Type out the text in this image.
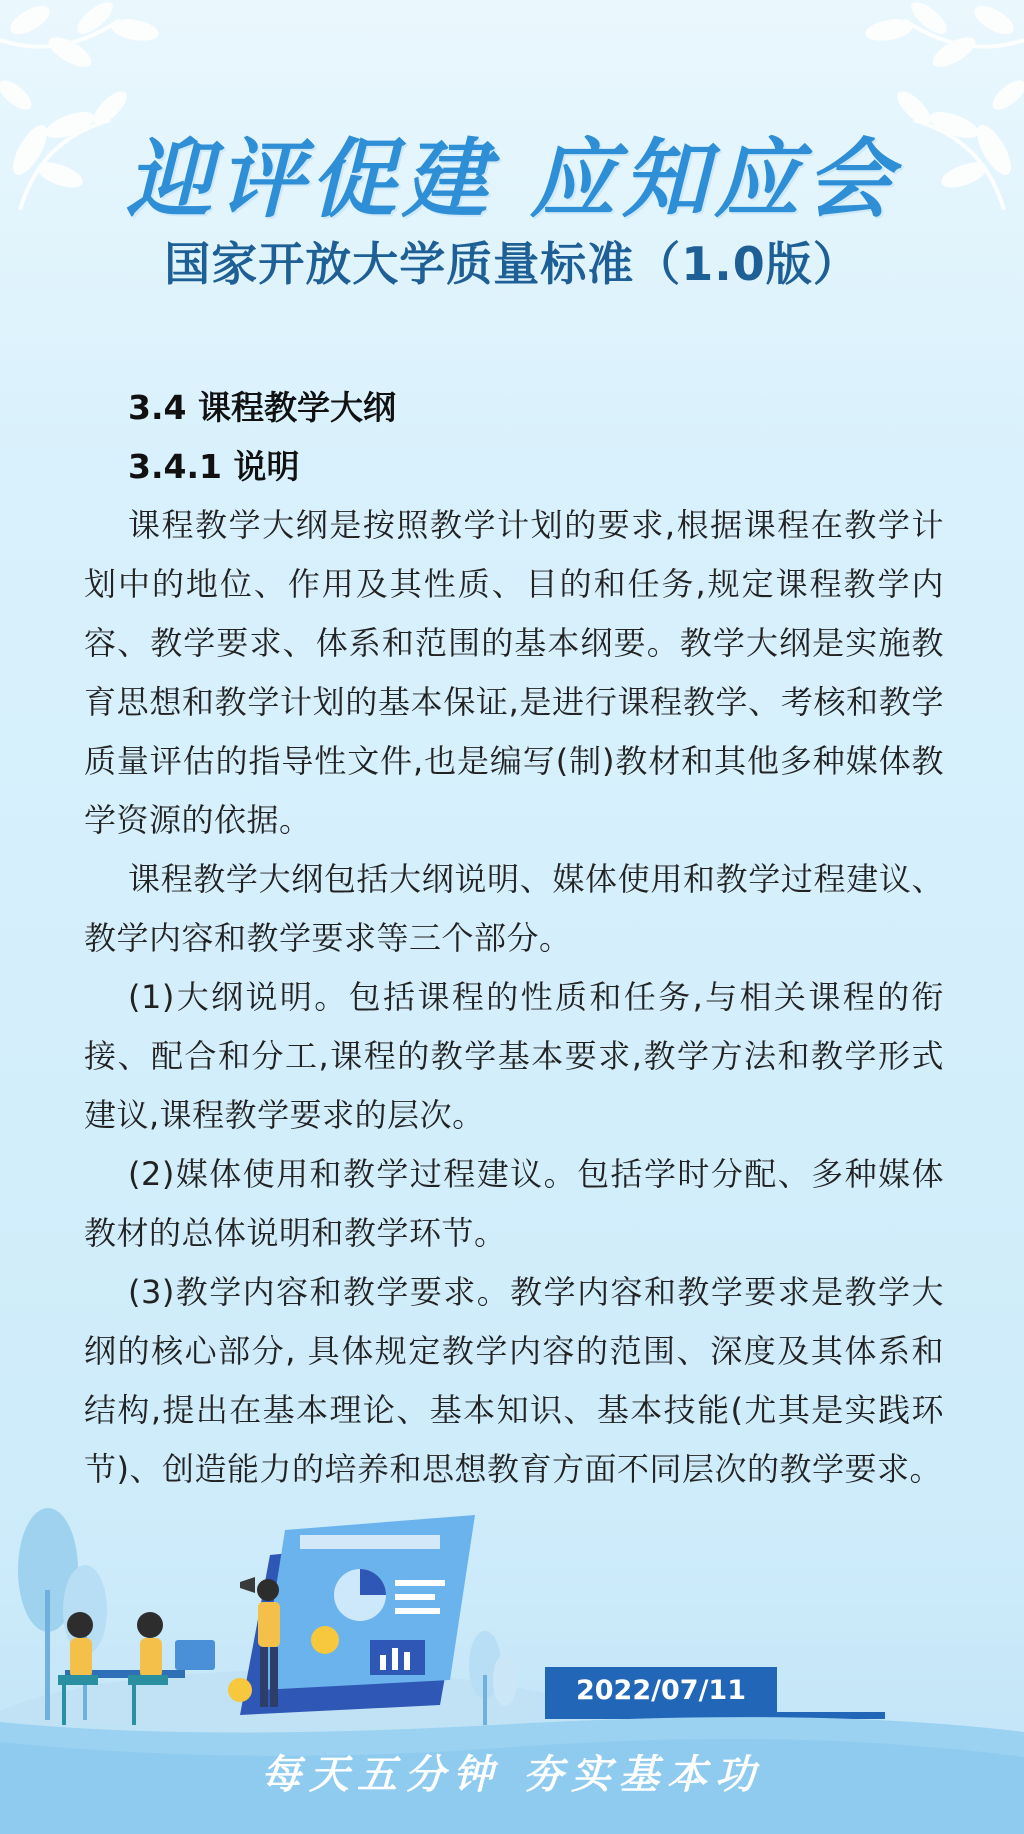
迎评促建 应知应会
国家开放大学质量标准（1.0版）
3.4 课程教学大纲
3.4.1 说明

课程教学大纲是按照教学计划的要求,根据课程在教学计划中的地位、作用及其性质、目的和任务,规定课程教学内容、教学要求、体系和范围的基本纲要。教学大纲是实施教育思想和教学计划的基本保证,是进行课程教学、考核和教学质量评估的指导性文件,也是编写(制)教材和其他多种媒体教学资源的依据。

课程教学大纲包括大纲说明、媒体使用和教学过程建议、教学内容和教学要求等三个部分。

(1)大纲说明。包括课程的性质和任务,与相关课程的衔接、配合和分工,课程的教学基本要求,教学方法和教学形式建议,课程教学要求的层次。

(2)媒体使用和教学过程建议。包括学时分配、多种媒体教材的总体说明和教学环节。

(3)教学内容和教学要求。教学内容和教学要求是教学大纲的核心部分, 具体规定教学内容的范围、深度及其体系和结构,提出在基本理论、基本知识、基本技能(尤其是实践环节)、创造能力的培养和思想教育方面不同层次的教学要求。

2022/07/11
每天五分钟 夯实基本功
